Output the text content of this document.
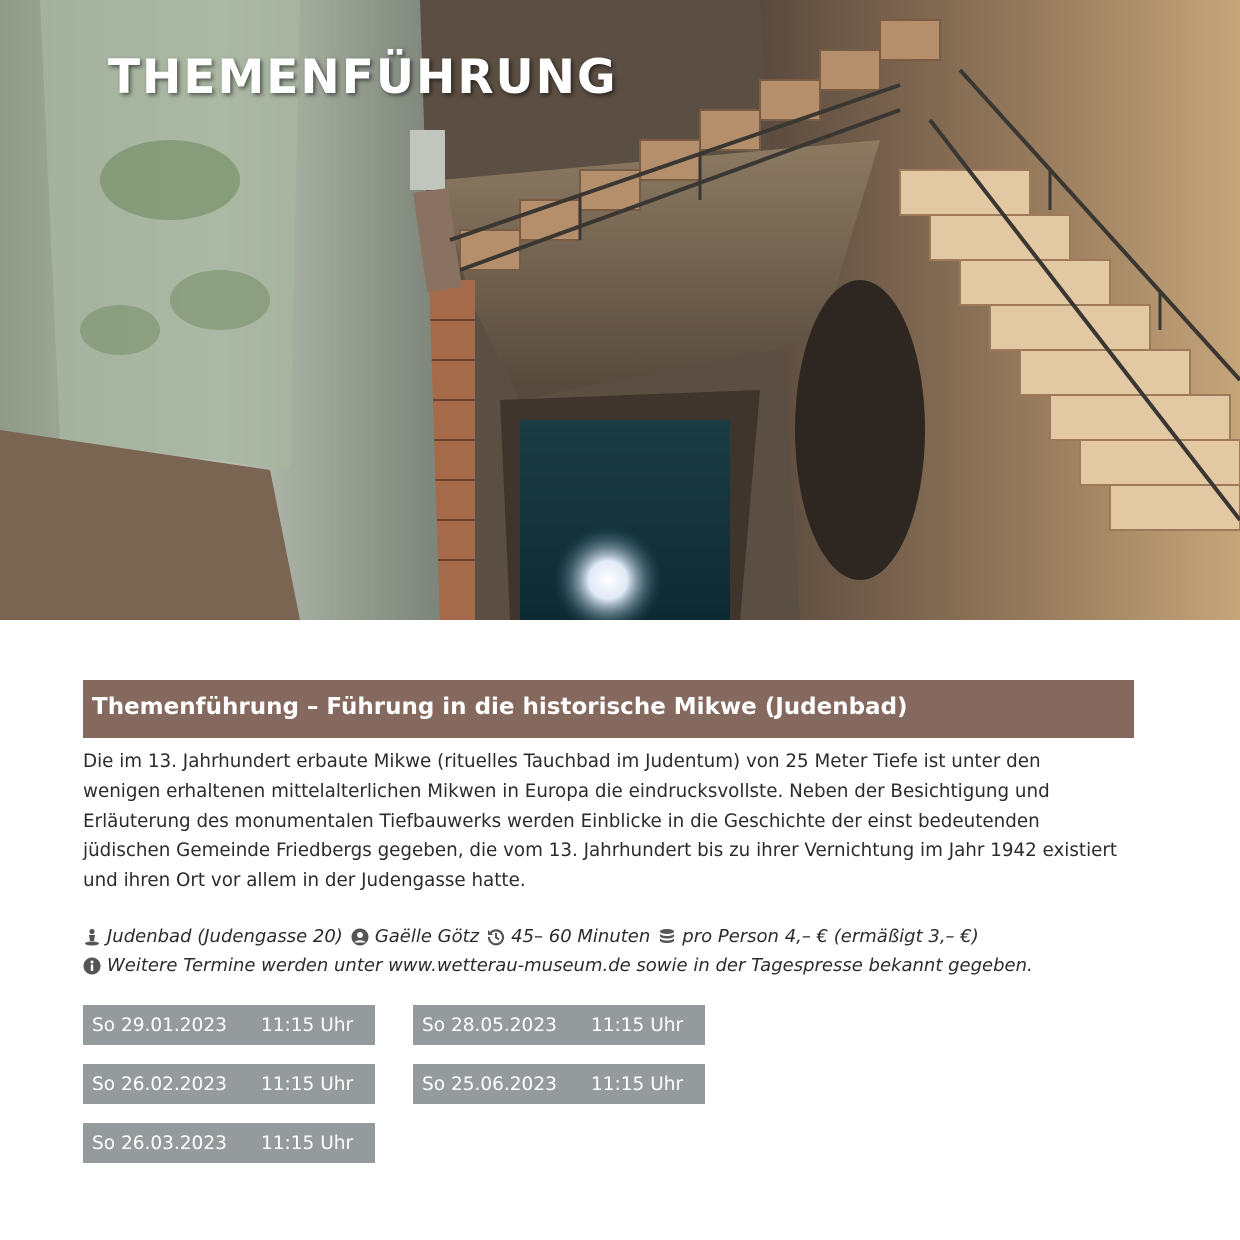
THEMENFÜHRUNG
Themenführung – Führung in die historische Mikwe (Judenbad)

Die im 13. Jahrhundert erbaute Mikwe (rituelles Tauchbad im Judentum) von 25 Meter Tiefe ist unter den
wenigen erhaltenen mittelalterlichen Mikwen in Europa die eindrucksvollste. Neben der Besichtigung und
Erläuterung des monumentalen Tiefbauwerks werden Einblicke in die Geschichte der einst bedeutenden
jüdischen Gemeinde Friedbergs gegeben, die vom 13. Jahrhundert bis zu ihrer Vernichtung im Jahr 1942 existiert
und ihren Ort vor allem in der Judengasse hatte.

Judenbad (Judengasse 20) Gaëlle Götz 45– 60 Minuten pro Person 4,– € (ermäßigt 3,– €)
Weitere Termine werden unter www.wetterau-museum.de sowie in der Tagespresse bekannt gegeben.
So 29.01.2023 11:15 Uhr
So 26.02.2023 11:15 Uhr
So 26.03.2023 11:15 Uhr
So 28.05.2023 11:15 Uhr
So 25.06.2023 11:15 Uhr
